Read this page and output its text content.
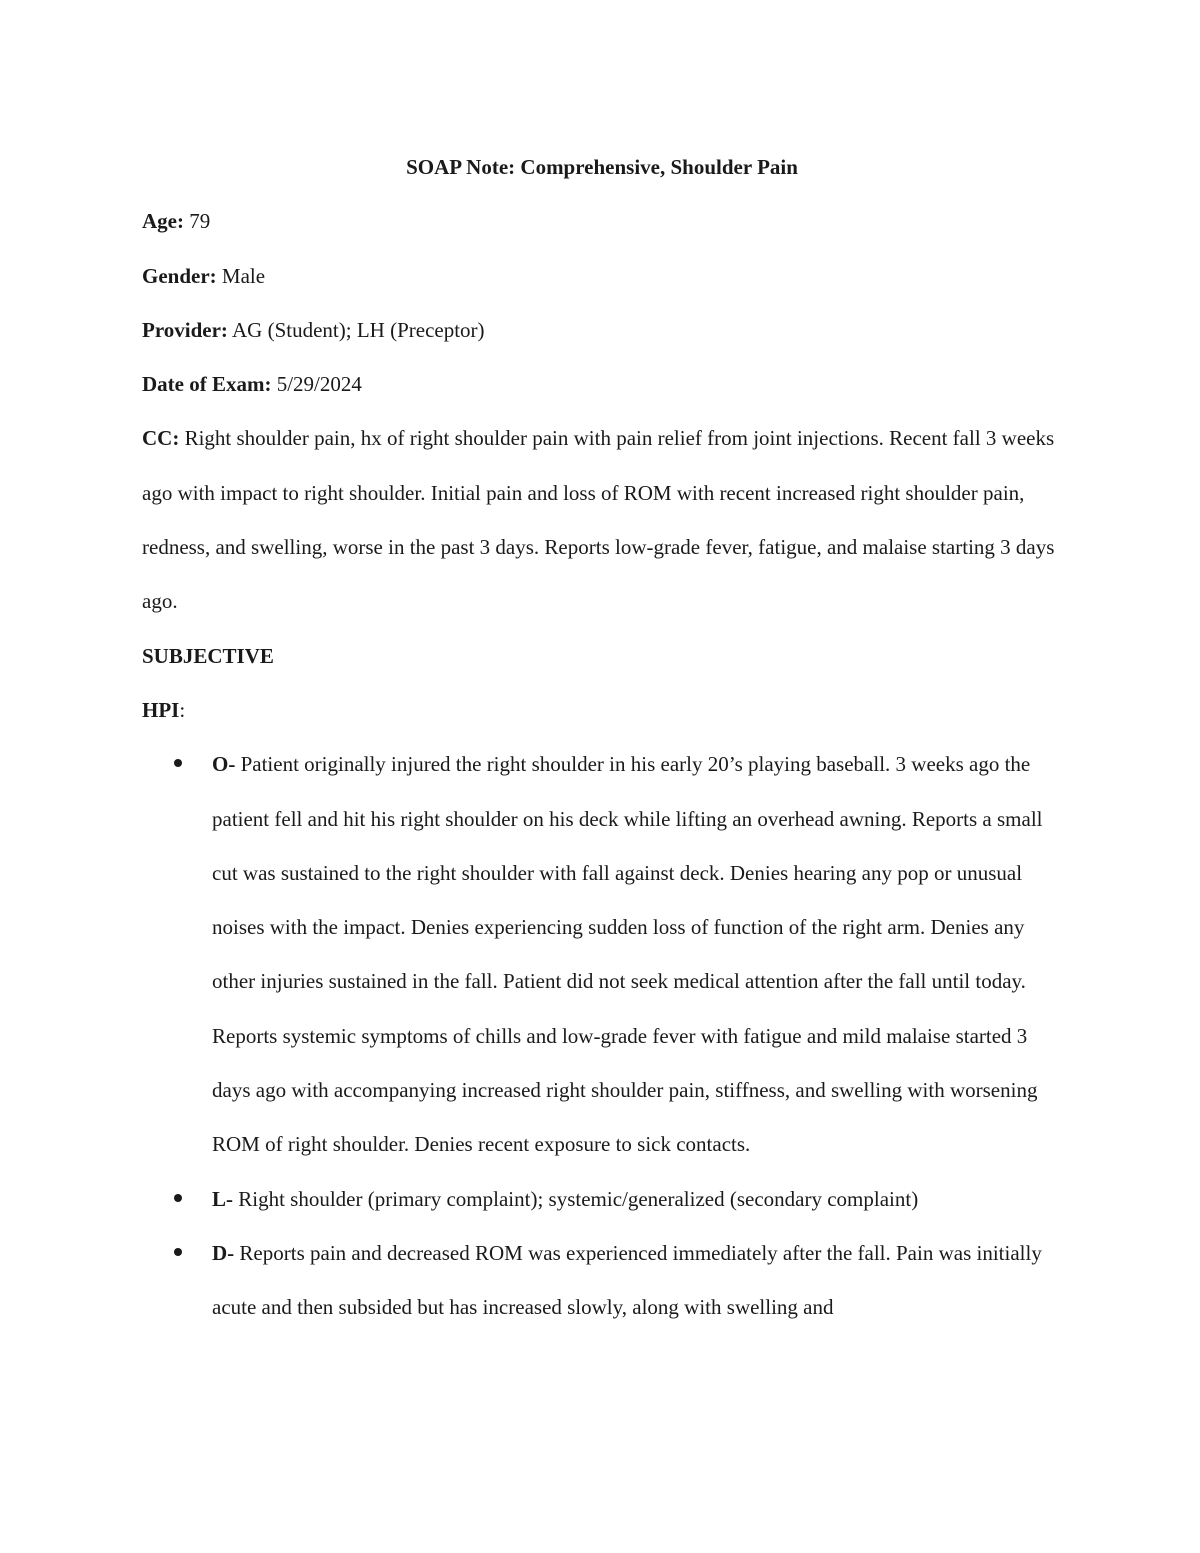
SOAP Note: Comprehensive, Shoulder Pain

Age: 79

Gender: Male

Provider: AG (Student); LH (Preceptor)

Date of Exam: 5/29/2024

CC: Right shoulder pain, hx of right shoulder pain with pain relief from joint injections. Recent fall 3 weeks ago with impact to right shoulder. Initial pain and loss of ROM with recent increased right shoulder pain, redness, and swelling, worse in the past 3 days. Reports low-grade fever, fatigue, and malaise starting 3 days ago.

SUBJECTIVE

HPI:

O- Patient originally injured the right shoulder in his early 20’s playing baseball. 3 weeks ago the patient fell and hit his right shoulder on his deck while lifting an overhead awning. Reports a small cut was sustained to the right shoulder with fall against deck. Denies hearing any pop or unusual noises with the impact. Denies experiencing sudden loss of function of the right arm. Denies any other injuries sustained in the fall. Patient did not seek medical attention after the fall until today. Reports systemic symptoms of chills and low-grade fever with fatigue and mild malaise started 3 days ago with accompanying increased right shoulder pain, stiffness, and swelling with worsening ROM of right shoulder. Denies recent exposure to sick contacts.
L- Right shoulder (primary complaint); systemic/generalized (secondary complaint)
D- Reports pain and decreased ROM was experienced immediately after the fall. Pain was initially acute and then subsided but has increased slowly, along with swelling and
